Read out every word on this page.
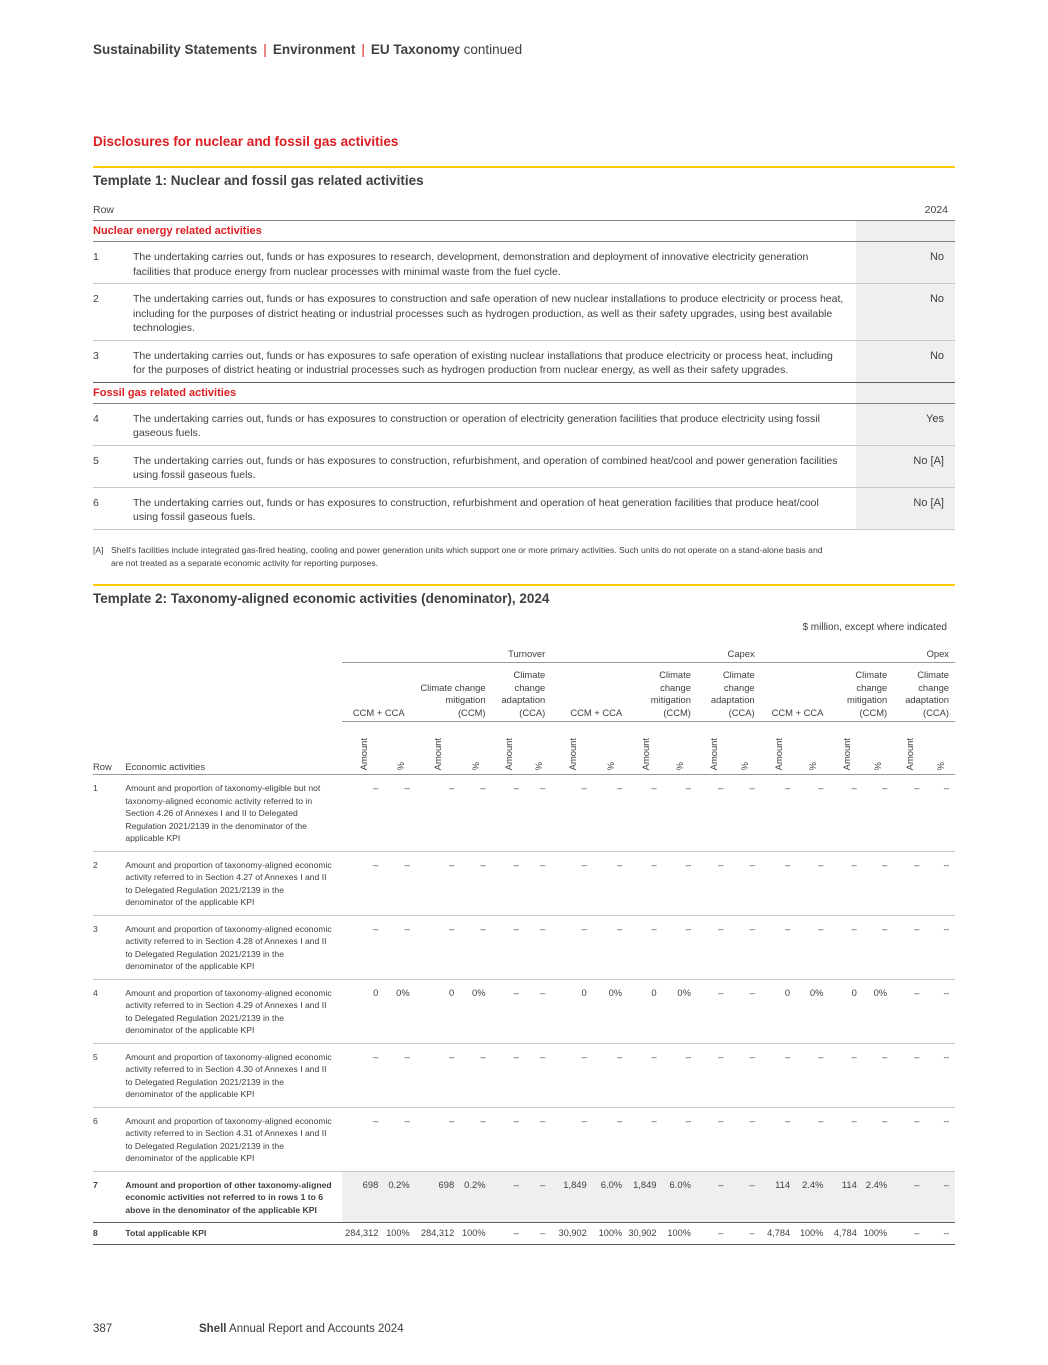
Sustainability Statements | Environment | EU Taxonomy continued
Disclosures for nuclear and fossil gas activities
Template 1: Nuclear and fossil gas related activities
Row		2024
Nuclear energy related activities		
1	The undertaking carries out, funds or has exposures to research, development, demonstration and deployment of innovative electricity generation facilities that produce energy from nuclear processes with minimal waste from the fuel cycle.	No
2	The undertaking carries out, funds or has exposures to construction and safe operation of new nuclear installations to produce electricity or process heat, including for the purposes of district heating or industrial processes such as hydrogen production, as well as their safety upgrades, using best available technologies.	No
3	The undertaking carries out, funds or has exposures to safe operation of existing nuclear installations that produce electricity or process heat, including for the purposes of district heating or industrial processes such as hydrogen production from nuclear energy, as well as their safety upgrades.	No
Fossil gas related activities		
4	The undertaking carries out, funds or has exposures to construction or operation of electricity generation facilities that produce electricity using fossil gaseous fuels.	Yes
5	The undertaking carries out, funds or has exposures to construction, refurbishment, and operation of combined heat/cool and power generation facilities using fossil gaseous fuels.	No [A]
6	The undertaking carries out, funds or has exposures to construction, refurbishment and operation of heat generation facilities that produce heat/cool using fossil gaseous fuels.	No [A]
[A] Shell's facilities include integrated gas-fired heating, cooling and power generation units which support one or more primary activities. Such units do not operate on a stand-alone basis and
are not treated as a separate economic activity for reporting purposes.
Template 2: Taxonomy-aligned economic activities (denominator), 2024
$ million, except where indicated
		Turnover						Capex						Opex					
		CCM + CCA		Climate change mitigation (CCM)		Climate change adaptation (CCA)		CCM + CCA		Climate change mitigation (CCM)		Climate change adaptation (CCA)		CCM + CCA		Climate change mitigation (CCM)		Climate change adaptation (CCA)	
Row	Economic activities	Amount	%	Amount	%	Amount	%	Amount	%	Amount	%	Amount	%	Amount	%	Amount	%	Amount	%
1	Amount and proportion of taxonomy-eligible but not taxonomy-aligned economic activity referred to in Section 4.26 of Annexes I and II to Delegated Regulation 2021/2139 in the denominator of the applicable KPI	–	–	–	–	–	–	–	–	–	–	–	–	–	–	–	–	–	–
2	Amount and proportion of taxonomy-aligned economic activity referred to in Section 4.27 of Annexes I and II to Delegated Regulation 2021/2139 in the denominator of the applicable KPI	–	–	–	–	–	–	–	–	–	–	–	–	–	–	–	–	–	–
3	Amount and proportion of taxonomy-aligned economic activity referred to in Section 4.28 of Annexes I and II to Delegated Regulation 2021/2139 in the denominator of the applicable KPI	–	–	–	–	–	–	–	–	–	–	–	–	–	–	–	–	–	–
4	Amount and proportion of taxonomy-aligned economic activity referred to in Section 4.29 of Annexes I and II to Delegated Regulation 2021/2139 in the denominator of the applicable KPI	0	0%	0	0%	–	–	0	0%	0	0%	–	–	0	0%	0	0%	–	–
5	Amount and proportion of taxonomy-aligned economic activity referred to in Section 4.30 of Annexes I and II to Delegated Regulation 2021/2139 in the denominator of the applicable KPI	–	–	–	–	–	–	–	–	–	–	–	–	–	–	–	–	–	–
6	Amount and proportion of taxonomy-aligned economic activity referred to in Section 4.31 of Annexes I and II to Delegated Regulation 2021/2139 in the denominator of the applicable KPI	–	–	–	–	–	–	–	–	–	–	–	–	–	–	–	–	–	–
7	Amount and proportion of other taxonomy-aligned economic activities not referred to in rows 1 to 6 above in the denominator of the applicable KPI	698	0.2%	698	0.2%	–	–	1,849	6.0%	1,849	6.0%	–	–	114	2.4%	114	2.4%	–	–
8	Total applicable KPI	284,312	100%	284,312	100%	–	–	30,902	100%	30,902	100%	–	–	4,784	100%	4,784	100%	–	–
387	Shell Annual Report and Accounts 2024
